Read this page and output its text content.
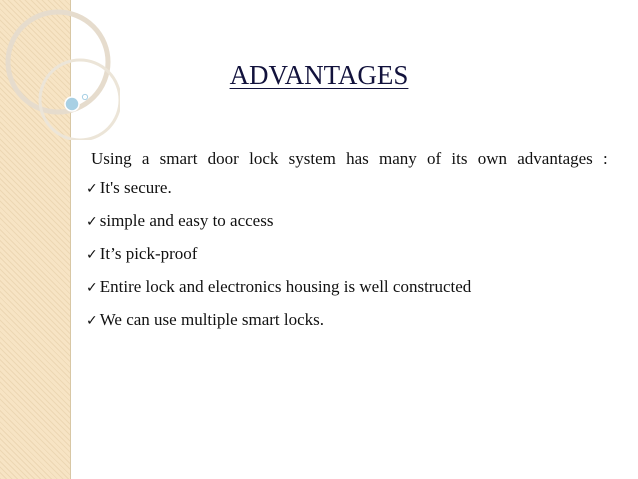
ADVANTAGES

Using a smart door lock system has many of its own advantages :

✓ It's secure.
✓ simple and easy to access
✓ It’s pick-proof
✓ Entire lock and electronics housing is well constructed
✓ We can use multiple smart locks.
